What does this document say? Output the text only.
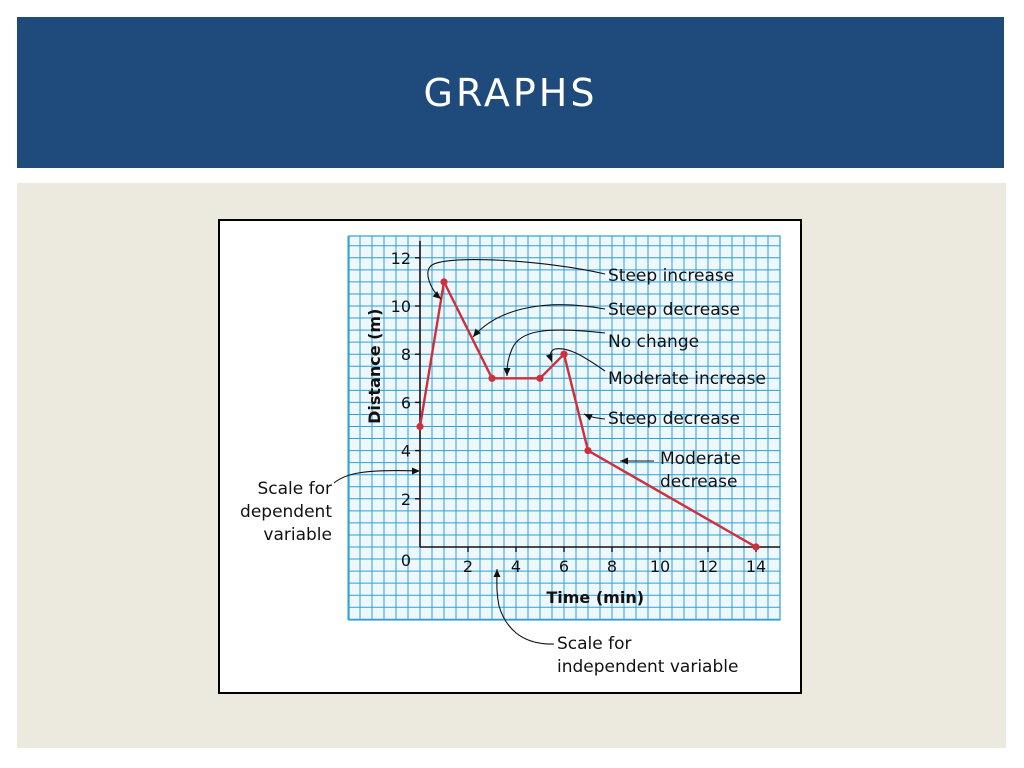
GRAPHS
2
4
6
8
10
12
0	2 4 6 8 10 12 14
Time (min)
Distance (m)
Steep increase
Steep decrease
No change
Moderate increase
Steep decrease
Moderate
decrease
Scale for
dependent
variable
Scale for
independent variable
